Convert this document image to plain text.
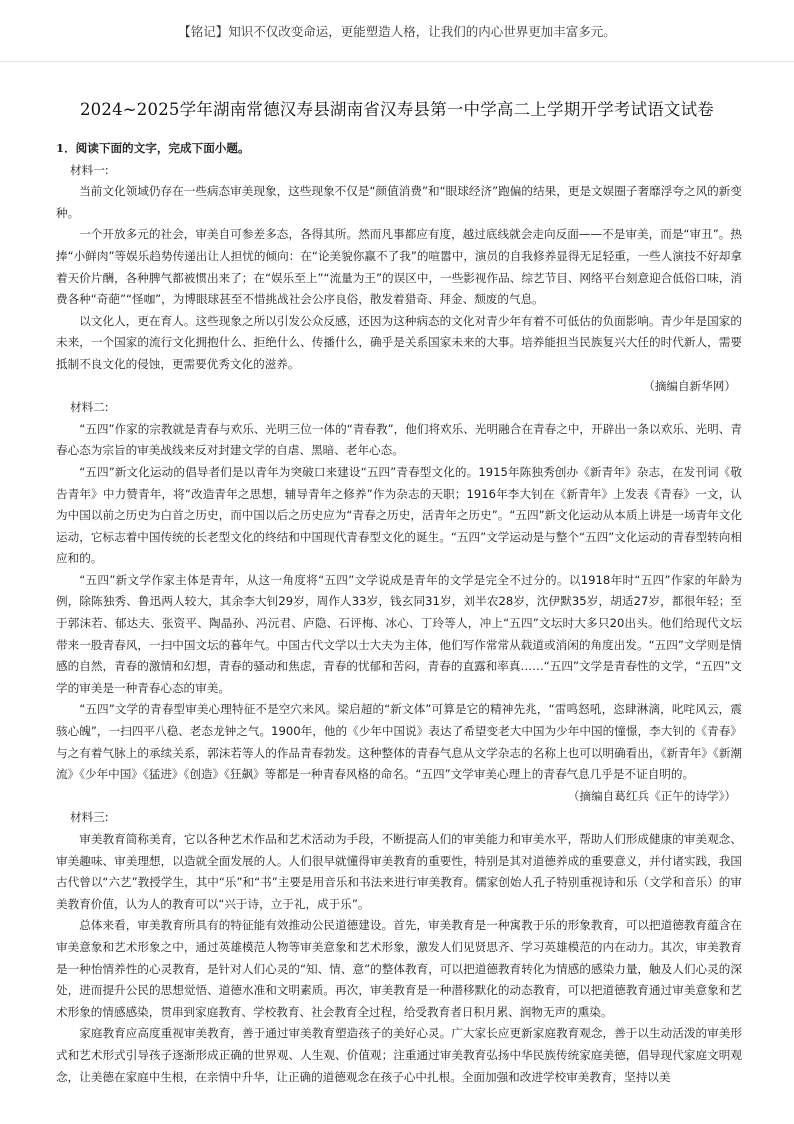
【铭记】知识不仅改变命运，更能塑造人格，让我们的内心世界更加丰富多元。
2024~2025学年湖南常德汉寿县湖南省汉寿县第一中学高二上学期开学考试语文试卷
1．阅读下面的文字，完成下面小题。
材料一:
当前文化领域仍存在一些病态审美现象，这些现象不仅是“颜值消费”和“眼球经济”跑偏的结果，更是文娱圈子奢靡浮夸之风的新变种。
一个开放多元的社会，审美自可参差多态，各得其所。然而凡事都应有度，越过底线就会走向反面——不是审美，而是“审丑”。热捧“小鲜肉”等娱乐趋势传递出让人担忧的倾向：在“论美貌你赢不了我”的喧嚣中，演员的自我修养显得无足轻重，一些人演技不好却拿着天价片酬，各种脾气都被惯出来了；在“娱乐至上”“流量为王”的误区中，一些影视作品、综艺节目、网络平台刻意迎合低俗口味，消费各种“奇葩”“怪咖”，为博眼球甚至不惜挑战社会公序良俗，散发着猎奇、拜金、颓废的气息。
以文化人，更在育人。这些现象之所以引发公众反感，还因为这种病态的文化对青少年有着不可低估的负面影响。青少年是国家的未来，一个国家的流行文化拥抱什么、拒绝什么、传播什么，确乎是关系国家未来的大事。培养能担当民族复兴大任的时代新人，需要抵制不良文化的侵蚀，更需要优秀文化的滋养。
（摘编自新华网）
材料二:
“五四”作家的宗教就是青春与欢乐、光明三位一体的“青春教”，他们将欢乐、光明融合在青春之中，开辟出一条以欢乐、光明、青春心态为宗旨的审美战线来反对封建文学的自虐、黑暗、老年心态。
“五四”新文化运动的倡导者们是以青年为突破口来建设“五四”青春型文化的。1915年陈独秀创办《新青年》杂志，在发刊词《敬告青年》中力赞青年，将“改造青年之思想，辅导青年之修养”作为杂志的天职；1916年李大钊在《新青年》上发表《青春》一文，认为中国以前之历史为白首之历史，而中国以后之历史应为“青春之历史，活青年之历史”。“五四”新文化运动从本质上讲是一场青年文化运动，它标志着中国传统的长老型文化的终结和中国现代青春型文化的诞生。“五四”文学运动是与整个“五四”文化运动的青春型转向相应和的。
“五四”新文学作家主体是青年，从这一角度将“五四”文学说成是青年的文学是完全不过分的。以1918年时“五四”作家的年龄为例，除陈独秀、鲁迅两人较大，其余李大钊29岁，周作人33岁，钱玄同31岁，刘半农28岁，沈伊默35岁，胡适27岁，都很年轻；至于郭沫若、郁达夫、张资平、陶晶孙、冯沅君、庐隐、石评梅、冰心、丁玲等人，冲上“五四”文坛时大多只20出头。他们给现代文坛带来一股青春风，一扫中国文坛的暮年气。中国古代文学以士大夫为主体，他们写作常常从载道或消闲的角度出发。“五四”文学则是情感的自然，青春的激情和幻想，青春的骚动和焦虑，青春的忧郁和苦闷，青春的直露和率真……“五四”文学是青春性的文学，“五四”文学的审美是一种青春心态的审美。
“五四”文学的青春型审美心理特征不是空穴来风。梁启超的“新文体”可算是它的精神先兆，“雷鸣怒吼，恣肆淋漓，叱咤风云，震骇心魄”，一扫四平八稳、老态龙钟之气。1900年，他的《少年中国说》表达了希望变老大中国为少年中国的憧憬，李大钊的《青春》与之有着气脉上的承续关系，郭沫若等人的作品青春勃发。这种整体的青春气息从文学杂志的名称上也可以明确看出，《新青年》《新潮流》《少年中国》《猛进》《创造》《狂飙》等都是一种青春风格的命名。“五四”文学审美心理上的青春气息几乎是不证自明的。
（摘编自葛红兵《正午的诗学》）
材料三:
审美教育简称美育，它以各种艺术作品和艺术活动为手段，不断提高人们的审美能力和审美水平，帮助人们形成健康的审美观念、审美趣味、审美理想，以造就全面发展的人。人们很早就懂得审美教育的重要性，特别是其对道德养成的重要意义，并付诸实践，我国古代曾以“六艺”教授学生，其中“乐”和“书”主要是用音乐和书法来进行审美教育。儒家创始人孔子特别重视诗和乐（文学和音乐）的审美教育价值，认为人的教育可以“兴于诗，立于礼，成于乐”。
总体来看，审美教育所具有的特征能有效推动公民道德建设。首先，审美教育是一种寓教于乐的形象教育，可以把道德教育蕴含在审美意象和艺术形象之中，通过英雄模范人物等审美意象和艺术形象，激发人们见贤思齐、学习英雄模范的内在动力。其次，审美教育是一种怡情养性的心灵教育，是针对人们心灵的“知、情、意”的整体教育，可以把道德教育转化为情感的感染力量，触及人们心灵的深处，进而提升公民的思想觉悟、道德水准和文明素质。再次，审美教育是一种潜移默化的动态教育，可以把道德教育通过审美意象和艺术形象的情感感染，贯串到家庭教育、学校教育、社会教育全过程，给受教育者日积月累、润物无声的熏染。
家庭教育应高度重视审美教育，善于通过审美教育塑造孩子的美好心灵。广大家长应更新家庭教育观念，善于以生动活泼的审美形式和艺术形式引导孩子逐渐形成正确的世界观、人生观、价值观；注重通过审美教育弘扬中华民族传统家庭美德，倡导现代家庭文明观念，让美德在家庭中生根，在亲情中升华，让正确的道德观念在孩子心中扎根。全面加强和改进学校审美教育，坚持以美
